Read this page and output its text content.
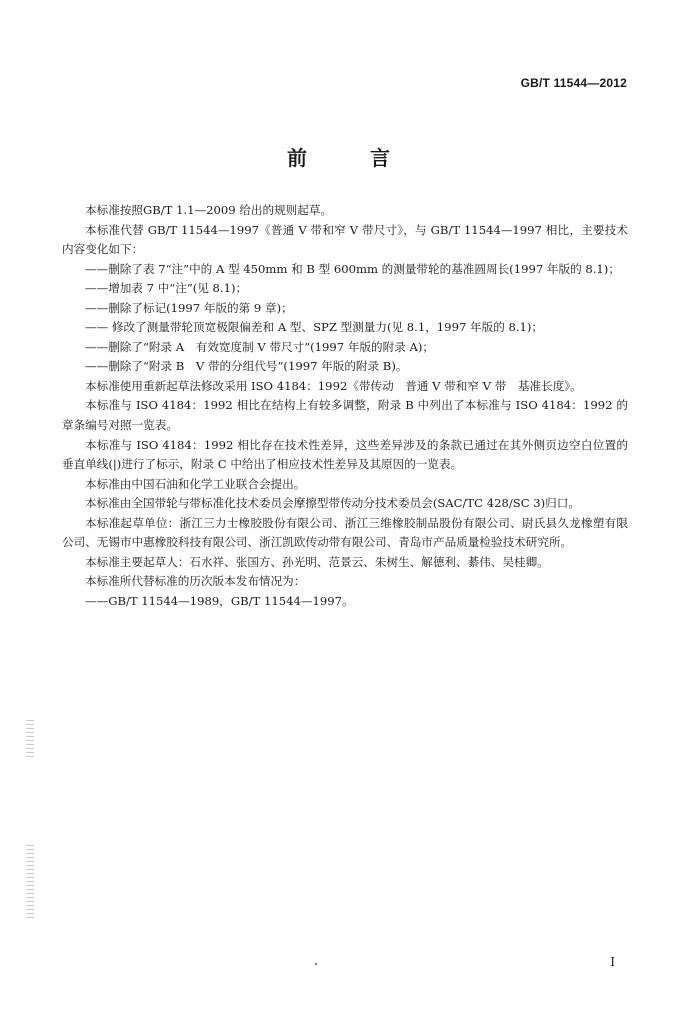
GB/T 11544—2012
前 言

本标准按照GB/T 1.1—2009 给出的规则起草。

本标准代替 GB/T 11544—1997《普通 V 带和窄 V 带尺寸》，与 GB/T 11544—1997 相比，主要技术内容变化如下：

——删除了表 7“注”中的 A 型 450mm 和 B 型 600mm 的测量带轮的基准圆周长(1997 年版的 8.1)；

——增加表 7 中“注”(见 8.1)；

——删除了标记(1997 年版的第 9 章)；

—— 修改了测量带轮顶宽极限偏差和 A 型、SPZ 型测量力(见 8.1，1997 年版的 8.1)；

——删除了“附录 A　有效宽度制 V 带尺寸”(1997 年版的附录 A)；

——删除了“附录 B　V 带的分组代号”(1997 年版的附录 B)。

本标准使用重新起草法修改采用 ISO 4184：1992《带传动　普通 V 带和窄 V 带　基准长度》。

本标准与 ISO 4184：1992 相比在结构上有较多调整，附录 B 中列出了本标准与 ISO 4184：1992 的章条编号对照一览表。

本标准与 ISO 4184：1992 相比存在技术性差异，这些差异涉及的条款已通过在其外侧页边空白位置的垂直单线(|)进行了标示，附录 C 中给出了相应技术性差异及其原因的一览表。

本标准由中国石油和化学工业联合会提出。

本标准由全国带轮与带标准化技术委员会摩擦型带传动分技术委员会(SAC/TC 428/SC 3)归口。

本标准起草单位：浙江三力士橡胶股份有限公司、浙江三维橡胶制品股份有限公司、尉氏县久龙橡塑有限公司、无锡市中惠橡胶科技有限公司、浙江凯欧传动带有限公司、青岛市产品质量检验技术研究所。

本标准主要起草人：石水祥、张国方、孙光明、范景云、朱树生、解德利、綦伟、吴桂卿。

本标准所代替标准的历次版本发布情况为：

——GB/T 11544—1989，GB/T 11544—1997。

I
